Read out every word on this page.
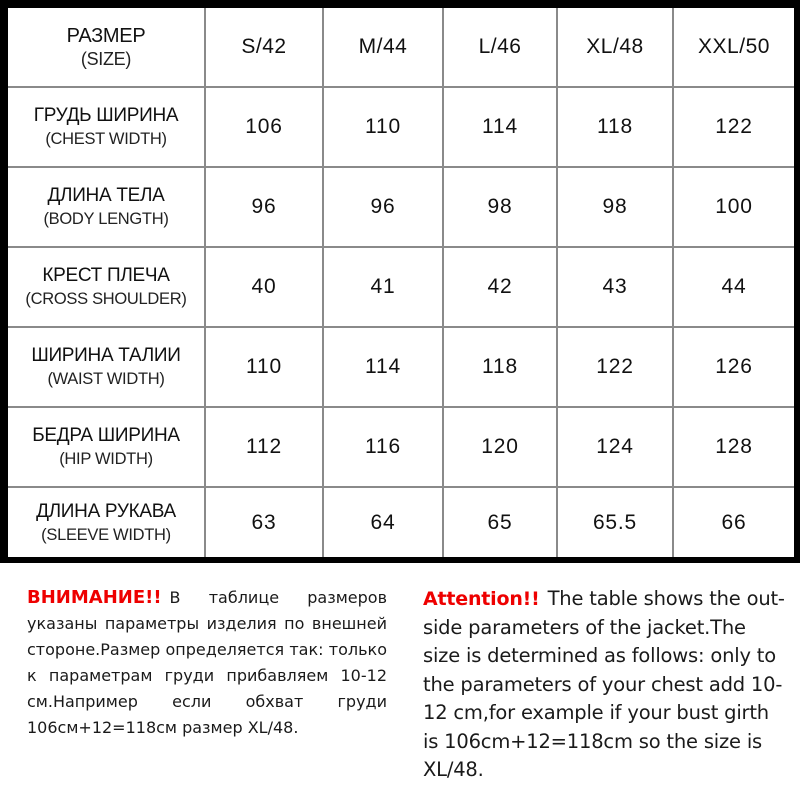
РАЗМЕР
(SIZE)	S/42	M/44	L/46	XL/48	XXL/50

ГРУДЬ ШИРИНА
(CHEST WIDTH)	106	110	114	118	122

ДЛИНА ТЕЛА
(BODY LENGTH)	96	96	98	98	100

КРЕСТ ПЛЕЧА
(CROSS SHOULDER)	40	41	42	43	44

ШИРИНА ТАЛИИ
(WAIST WIDTH)	110	114	118	122	126

БЕДРА ШИРИНА
(HIP WIDTH)	112	116	120	124	128

ДЛИНА РУКАВА
(SLEEVE WIDTH)	63	64	65	65.5	66
ВНИМАНИЕ!! В таблице размеров указаны параметры изделия по внешней стороне.Размер определяется так: только к параметрам груди прибавляем 10-12 см.Например если обхват груди 106см+12=118см размер XL/48.
Attention!! The table shows the out-side parameters of the jacket.The size is determined as follows: only to the parameters of your chest add 10-12 cm,for example if your bust girth is 106cm+12=118cm so the size is XL/48.
